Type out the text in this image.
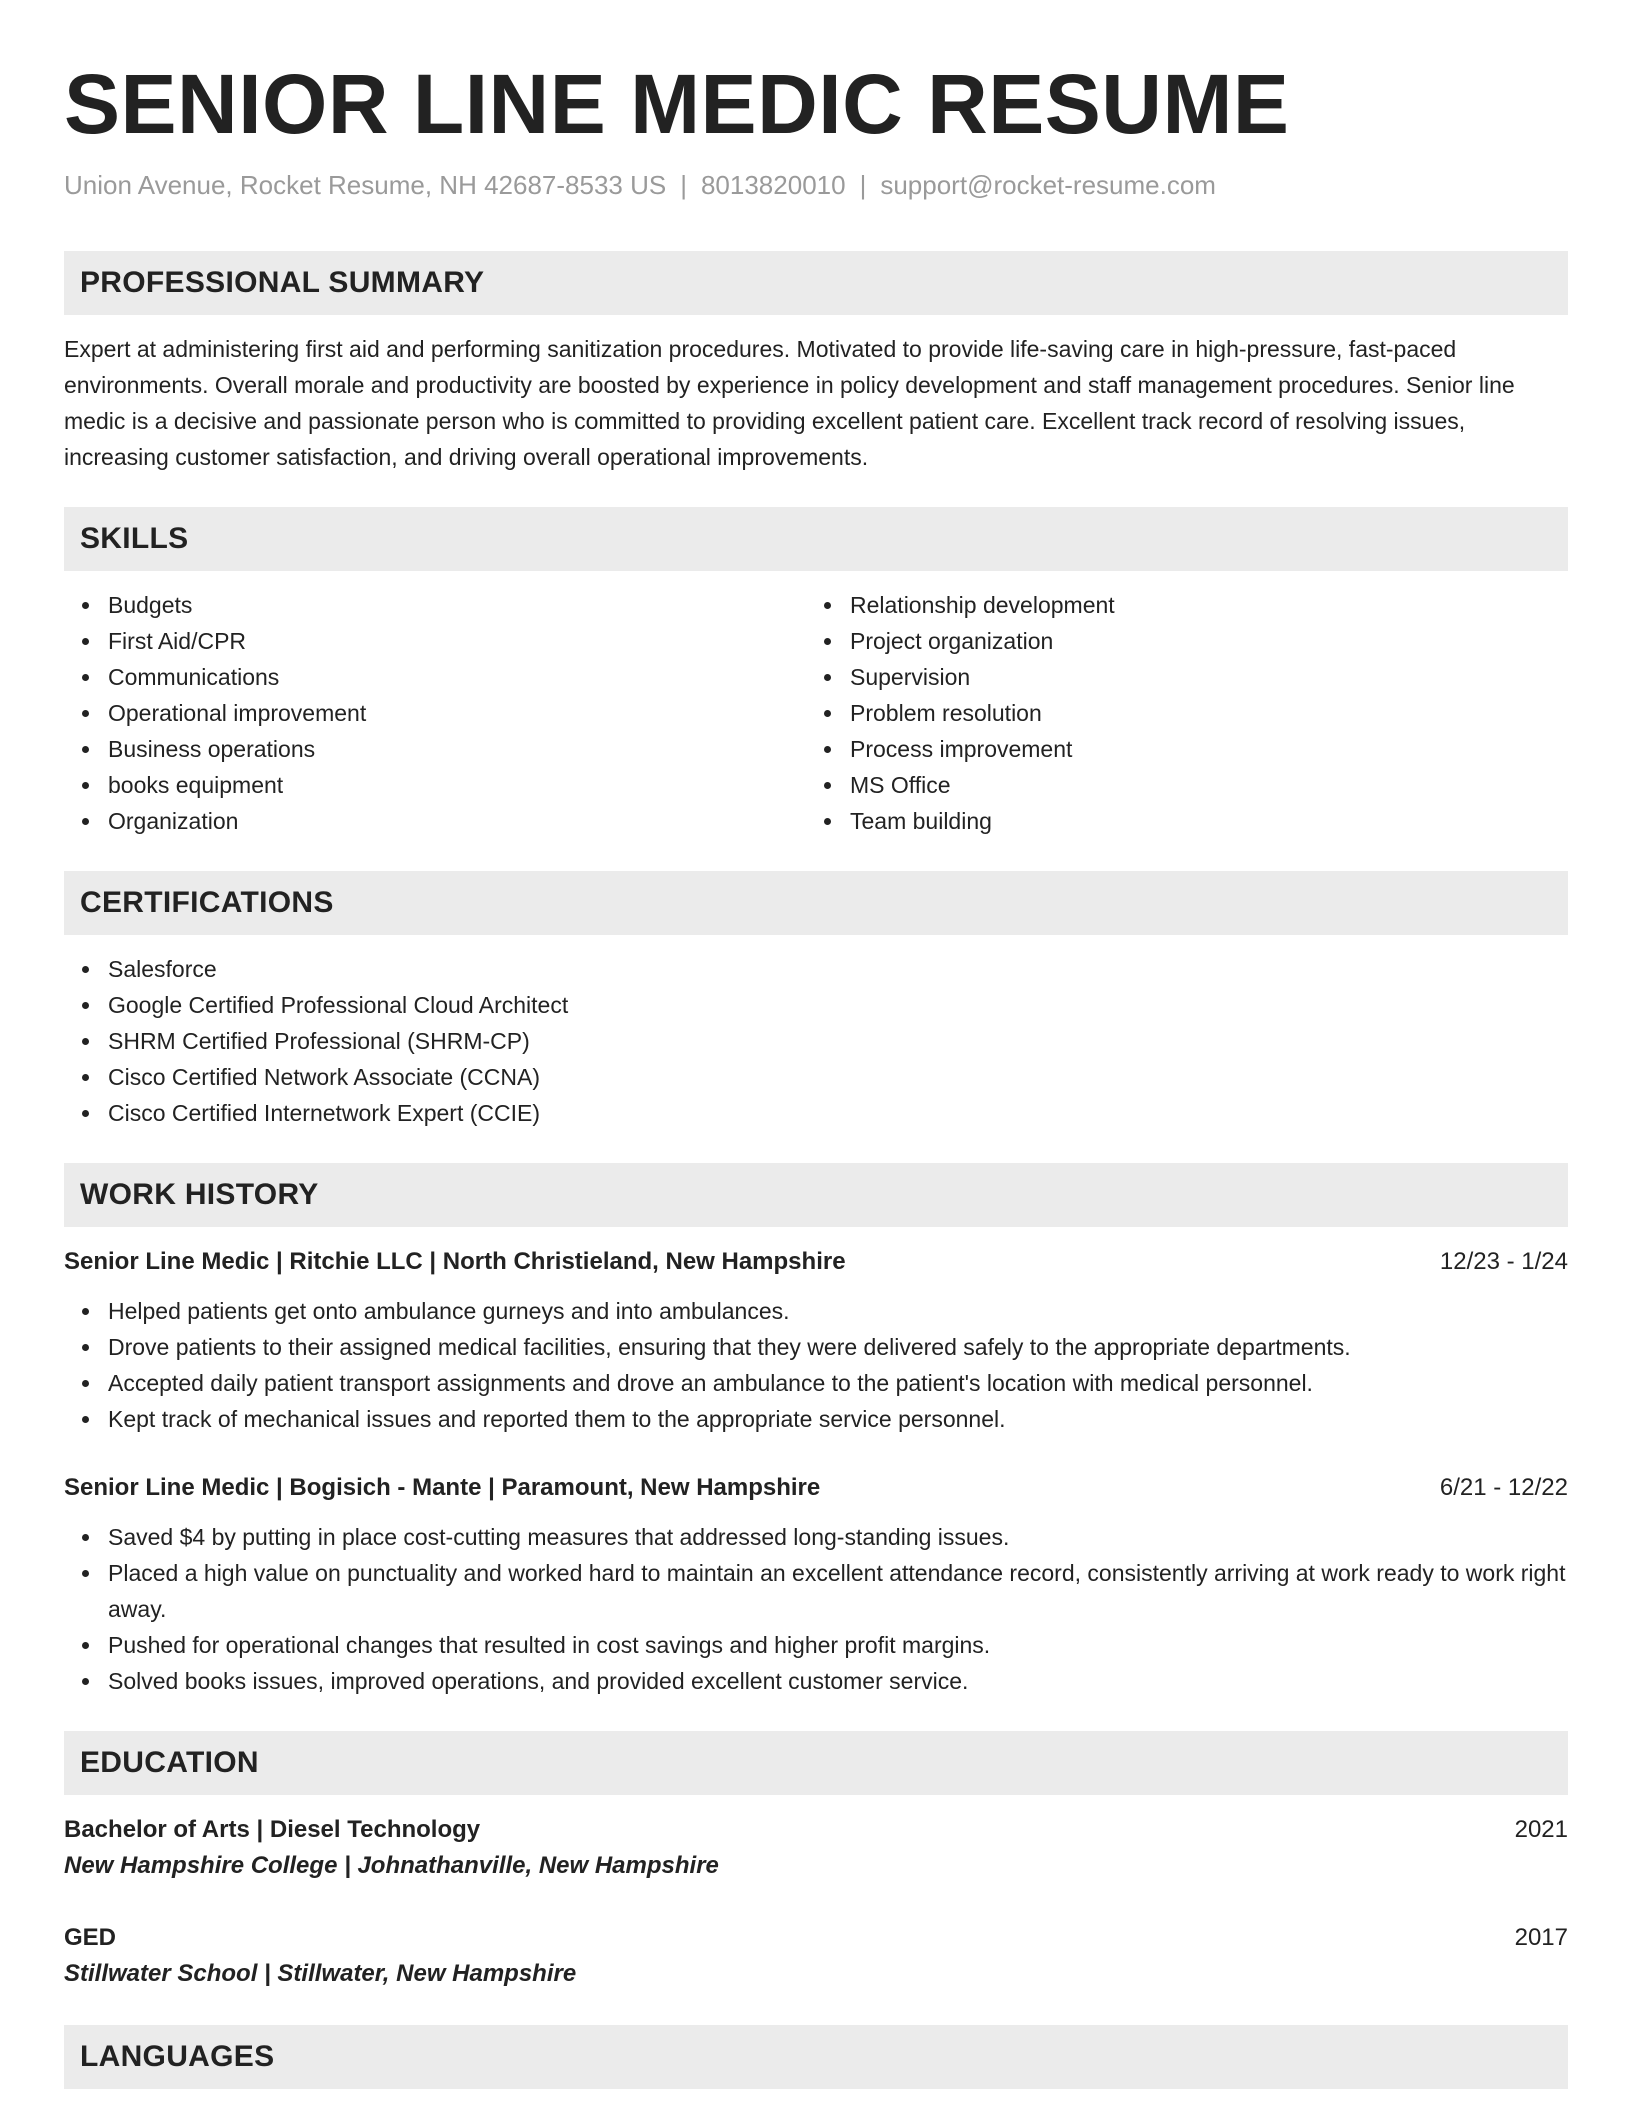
SENIOR LINE MEDIC RESUME
Union Avenue, Rocket Resume, NH 42687-8533 US | 8013820010 | support@rocket-resume.com
PROFESSIONAL SUMMARY

Expert at administering first aid and performing sanitization procedures. Motivated to provide life-saving care in high-pressure, fast-paced environments. Overall morale and productivity are boosted by experience in policy development and staff management procedures. Senior line medic is a decisive and passionate person who is committed to providing excellent patient care. Excellent track record of resolving issues, increasing customer satisfaction, and driving overall operational improvements.

SKILLS
Budgets
First Aid/CPR
Communications
Operational improvement
Business operations
books equipment
Organization
Relationship development
Project organization
Supervision
Problem resolution
Process improvement
MS Office
Team building
CERTIFICATIONS
Salesforce
Google Certified Professional Cloud Architect
SHRM Certified Professional (SHRM-CP)
Cisco Certified Network Associate (CCNA)
Cisco Certified Internetwork Expert (CCIE)
WORK HISTORY
Senior Line Medic | Ritchie LLC | North Christieland, New Hampshire	12/23 - 1/24
Helped patients get onto ambulance gurneys and into ambulances.
Drove patients to their assigned medical facilities, ensuring that they were delivered safely to the appropriate departments.
Accepted daily patient transport assignments and drove an ambulance to the patient's location with medical personnel.
Kept track of mechanical issues and reported them to the appropriate service personnel.
Senior Line Medic | Bogisich - Mante | Paramount, New Hampshire	6/21 - 12/22
Saved $4 by putting in place cost-cutting measures that addressed long-standing issues.
Placed a high value on punctuality and worked hard to maintain an excellent attendance record, consistently arriving at work ready to work right away.
Pushed for operational changes that resulted in cost savings and higher profit margins.
Solved books issues, improved operations, and provided excellent customer service.
EDUCATION
Bachelor of Arts | Diesel Technology	2021
New Hampshire College | Johnathanville, New Hampshire
GED	2017
Stillwater School | Stillwater, New Hampshire
LANGUAGES
